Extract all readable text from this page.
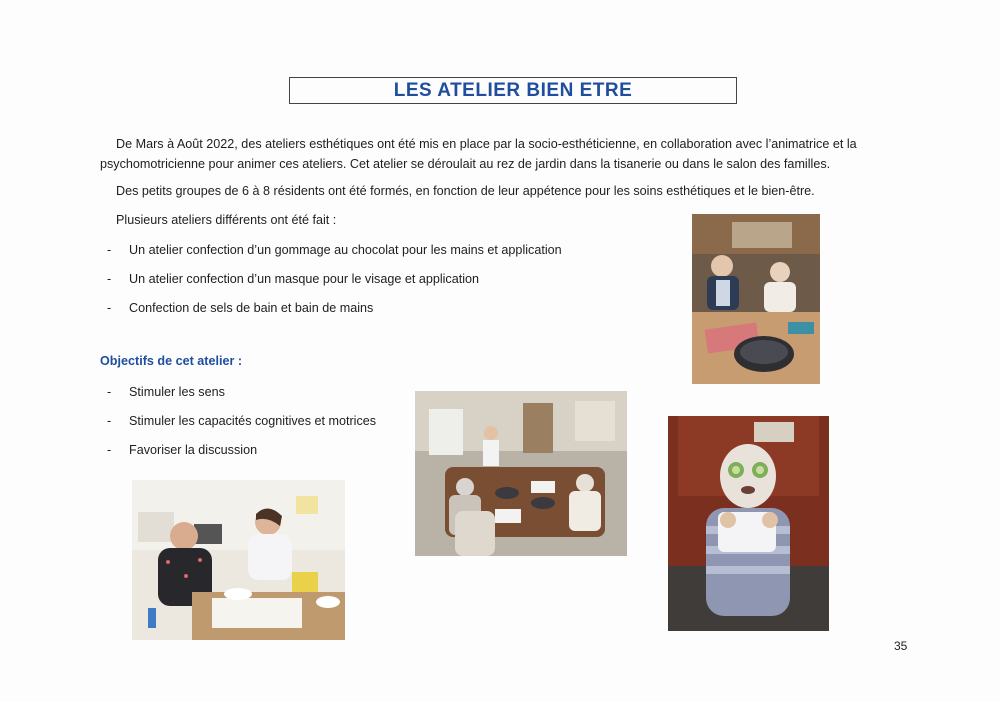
LES ATELIER BIEN ETRE

De Mars à Août 2022, des ateliers esthétiques ont été mis en place par la socio-esthéticienne, en collaboration avec l’animatrice et la psychomotricienne pour animer ces ateliers. Cet atelier se déroulait au rez de jardin dans la tisanerie ou dans le salon des familles.

Des petits groupes de 6 à 8 résidents ont été formés, en fonction de leur appétence pour les soins esthétiques et le bien-être.

Plusieurs ateliers différents ont été fait :

- Un atelier confection d’un gommage au chocolat pour les mains et application
- Un atelier confection d’un masque pour le visage et application
- Confection de sels de bain et bain de mains

Objectifs de cet atelier :

- Stimuler les sens
- Stimuler les capacités cognitives et motrices
- Favoriser la discussion
35
